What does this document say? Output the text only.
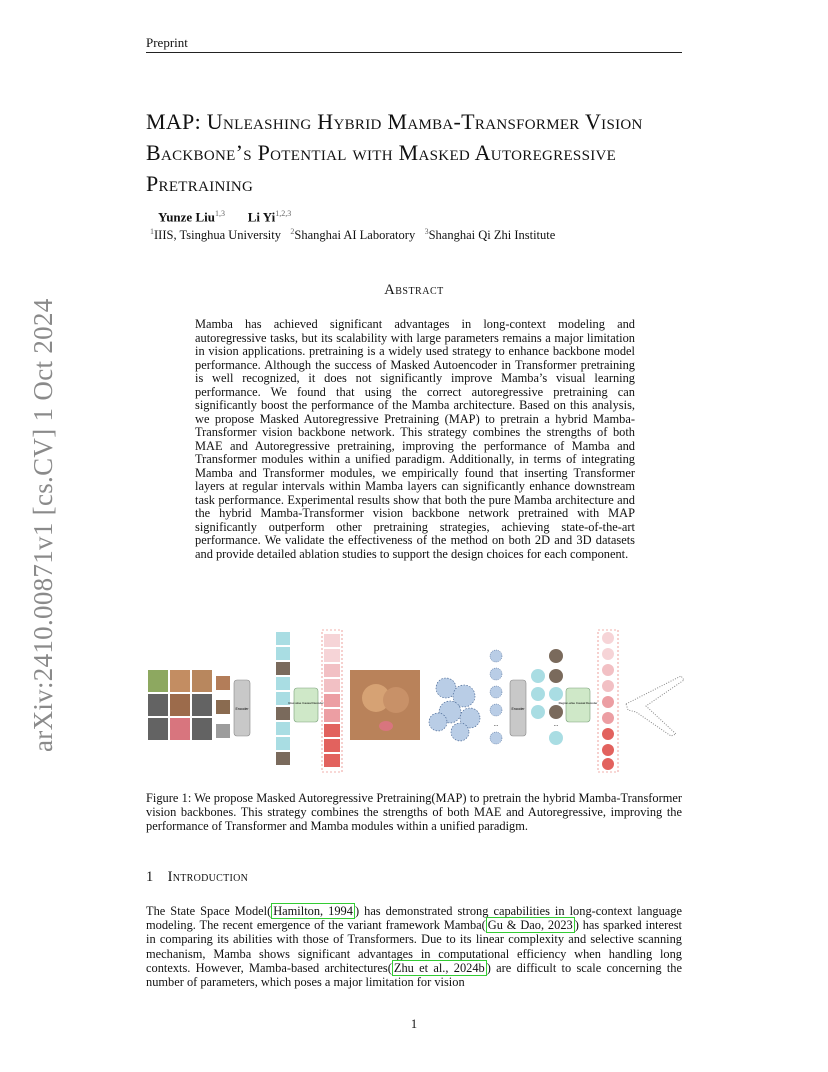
Preprint
MAP: Unleashing Hybrid Mamba-Transformer Vision Backbone’s Potential with Masked Autoregressive Pretraining
Yunze Liu$^{1,3}$ Li Yi$^{1,2,3}$
$^1$IIIS, Tsinghua University $^2$Shanghai AI Laboratory $^3$Shanghai Qi Zhi Institute
arXiv:2410.00871v1 [cs.CV] 1 Oct 2024
Abstract
Mamba has achieved significant advantages in long-context modeling and autoregressive tasks, but its scalability with large parameters remains a major limitation in vision applications. pretraining is a widely used strategy to enhance backbone model performance. Although the success of Masked Autoencoder in Transformer pretraining is well recognized, it does not significantly improve Mamba’s visual learning performance. We found that using the correct autoregressive pretraining can significantly boost the performance of the Mamba architecture. Based on this analysis, we propose Masked Autoregressive Pretraining (MAP) to pretrain a hybrid Mamba-Transformer vision backbone network. This strategy combines the strengths of both MAE and Autoregressive pretraining, improving the performance of Mamba and Transformer modules within a unified paradigm. Additionally, in terms of integrating Mamba and Transformer modules, we empirically found that inserting Transformer layers at regular intervals within Mamba layers can significantly enhance downstream task performance. Experimental results show that both the pure Mamba architecture and the hybrid Mamba-Transformer vision backbone network pretrained with MAP significantly outperform other pretraining strategies, achieving state-of-the-art performance. We validate the effectiveness of the method on both 2D and 3D datasets and provide detailed ablation studies to support the design choices for each component.
Encoder
Row-wise Causal Decoder
...
Encoder
...
Region-wise Causal Decoder
Figure 1: We propose Masked Autoregressive Pretraining(MAP) to pretrain the hybrid Mamba-Transformer vision backbones. This strategy combines the strengths of both MAE and Autoregressive, improving the performance of Transformer and Mamba modules within a unified paradigm.
1 Introduction
The State Space Model( Hamilton, 1994 ) has demonstrated strong capabilities in long-context language modeling. The recent emergence of the variant framework Mamba( Gu & Dao, 2023 ) has sparked interest in comparing its abilities with those of Transformers. Due to its linear complexity and selective scanning mechanism, Mamba shows significant advantages in computational efficiency when handling long contexts. However, Mamba-based architectures( Zhu et al., 2024b ) are difficult to scale concerning the number of parameters, which poses a major limitation for vision
1
